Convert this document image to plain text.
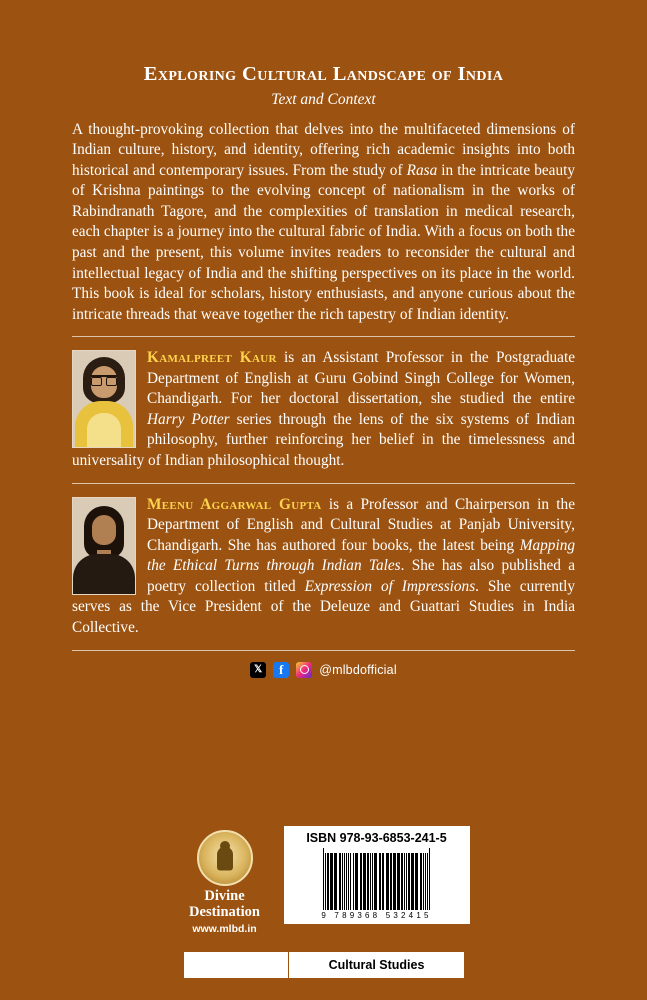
Exploring Cultural Landscape of India
Text and Context

A thought-provoking collection that delves into the multifaceted dimensions of Indian culture, history, and identity, offering rich academic insights into both historical and contemporary issues. From the study of Rasa in the intricate beauty of Krishna paintings to the evolving concept of nationalism in the works of Rabindranath Tagore, and the complexities of translation in medical research, each chapter is a journey into the cultural fabric of India. With a focus on both the past and the present, this volume invites readers to reconsider the cultural and intellectual legacy of India and the shifting perspectives on its place in the world. This book is ideal for scholars, history enthusiasts, and anyone curious about the intricate threads that weave together the rich tapestry of Indian identity.

Kamalpreet Kaur is an Assistant Professor in the Postgraduate Department of English at Guru Gobind Singh College for Women, Chandigarh. For her doctoral dissertation, she studied the entire Harry Potter series through the lens of the six systems of Indian philosophy, further reinforcing her belief in the timelessness and universality of Indian philosophical thought.
Meenu Aggarwal Gupta is a Professor and Chairperson in the Department of English and Cultural Studies at Panjab University, Chandigarh. She has authored four books, the latest being Mapping the Ethical Turns through Indian Tales. She has also published a poetry collection titled Expression of Impressions. She currently serves as the Vice President of the Deleuze and Guattari Studies in India Collective.
𝕏	f	@mlbdofficial
Divine
Destination
www.mlbd.in
ISBN 978-93-6853-241-5
9 789368 532415
Cultural Studies
